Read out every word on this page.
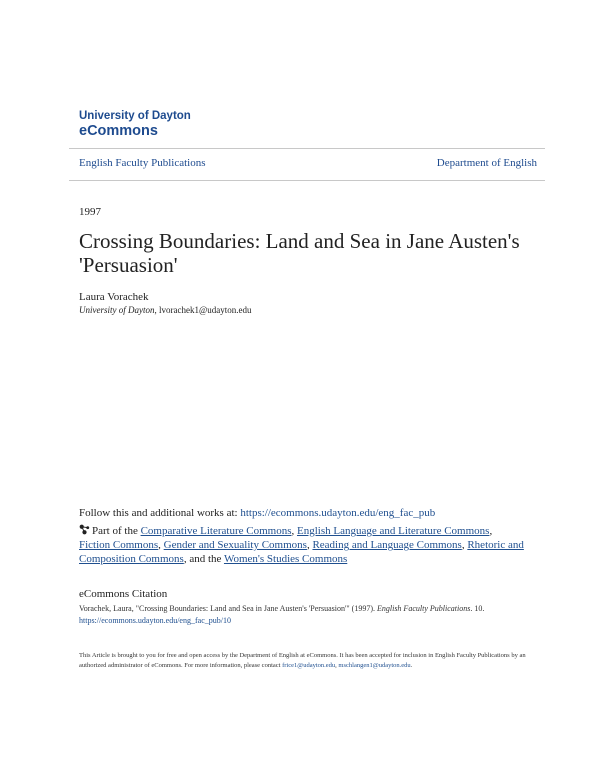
University of Dayton
eCommons
English Faculty Publications	Department of English
1997
Crossing Boundaries: Land and Sea in Jane Austen's 'Persuasion'
Laura Vorachek
University of Dayton, lvorachek1@udayton.edu
Follow this and additional works at: https://ecommons.udayton.edu/eng_fac_pub
Part of the Comparative Literature Commons, English Language and Literature Commons, Fiction Commons, Gender and Sexuality Commons, Reading and Language Commons, Rhetoric and Composition Commons, and the Women's Studies Commons
eCommons Citation
Vorachek, Laura, "Crossing Boundaries: Land and Sea in Jane Austen's 'Persuasion'" (1997). English Faculty Publications. 10.
https://ecommons.udayton.edu/eng_fac_pub/10
This Article is brought to you for free and open access by the Department of English at eCommons. It has been accepted for inclusion in English Faculty Publications by an authorized administrator of eCommons. For more information, please contact frice1@udayton.edu, mschlangen1@udayton.edu.
